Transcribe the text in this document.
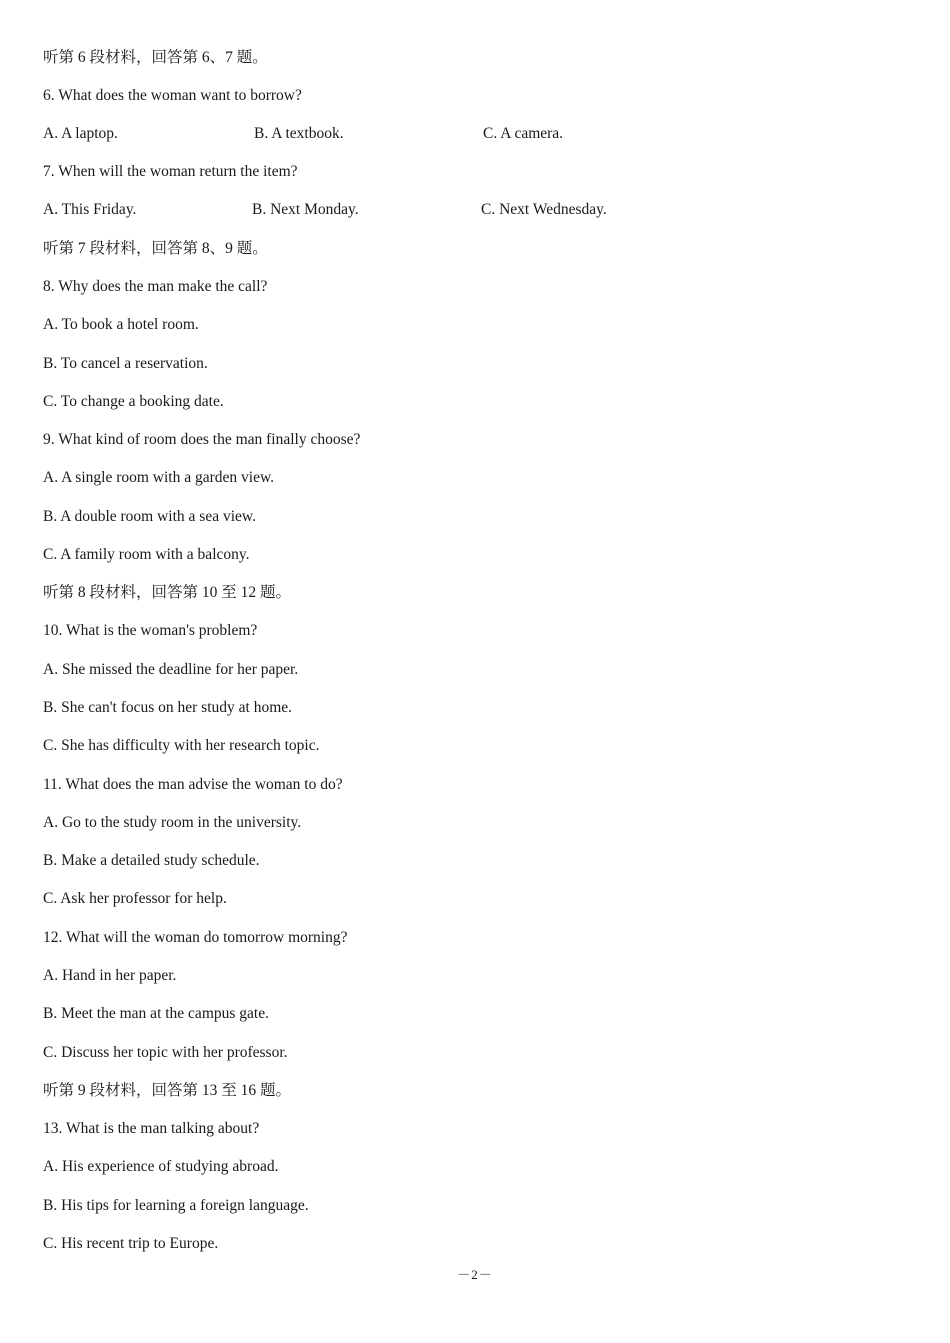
听第 6 段材料，回答第 6、7 题。
6. What does the woman want to borrow?
A. A laptop.	B. A textbook.	C. A camera.
7. When will the woman return the item?
A. This Friday.	B. Next Monday.	C. Next Wednesday.
听第 7 段材料，回答第 8、9 题。
8. Why does the man make the call?
A. To book a hotel room.
B. To cancel a reservation.
C. To change a booking date.
9. What kind of room does the man finally choose?
A. A single room with a garden view.
B. A double room with a sea view.
C. A family room with a balcony.
听第 8 段材料，回答第 10 至 12 题。
10. What is the woman's problem?
A. She missed the deadline for her paper.
B. She can't focus on her study at home.
C. She has difficulty with her research topic.
11. What does the man advise the woman to do?
A. Go to the study room in the university.
B. Make a detailed study schedule.
C. Ask her professor for help.
12. What will the woman do tomorrow morning?
A. Hand in her paper.
B. Meet the man at the campus gate.
C. Discuss her topic with her professor.
听第 9 段材料，回答第 13 至 16 题。
13. What is the man talking about?
A. His experience of studying abroad.
B. His tips for learning a foreign language.
C. His recent trip to Europe.
－2－
